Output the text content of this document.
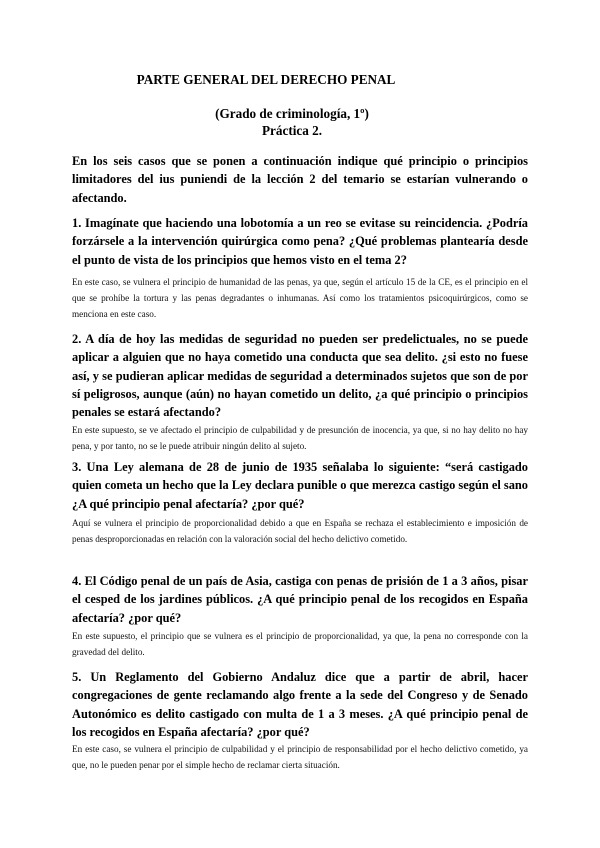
PARTE GENERAL DEL DERECHO PENAL

(Grado de criminología, 1º)

Práctica 2.

En los seis casos que se ponen a continuación indique qué principio o principios limitadores del ius puniendi de la lección 2 del temario se estarían vulnerando o afectando.

1. Imagínate que haciendo una lobotomía a un reo se evitase su reincidencia. ¿Podría forzársele a la intervención quirúrgica como pena? ¿Qué problemas plantearía desde el punto de vista de los principios que hemos visto en el tema 2?

En este caso, se vulnera el principio de humanidad de las penas, ya que, según el artículo 15 de la CE, es el principio en el que se prohíbe la tortura y las penas degradantes o inhumanas. Así como los tratamientos psicoquirúrgicos, como se menciona en este caso.

2. A día de hoy las medidas de seguridad no pueden ser predelictuales, no se puede aplicar a alguien que no haya cometido una conducta que sea delito. ¿si esto no fuese así, y se pudieran aplicar medidas de seguridad a determinados sujetos que son de por sí peligrosos, aunque (aún) no hayan cometido un delito, ¿a qué principio o principios penales se estará afectando?

En este supuesto, se ve afectado el principio de culpabilidad y de presunción de inocencia, ya que, si no hay delito no hay pena, y por tanto, no se le puede atribuir ningún delito al sujeto.

3. Una Ley alemana de 28 de junio de 1935 señalaba lo siguiente: “será castigado quien cometa un hecho que la Ley declara punible o que merezca castigo según el sano ¿A qué principio penal afectaría? ¿por qué?

Aquí se vulnera el principio de proporcionalidad debido a que en España se rechaza el establecimiento e imposición de penas desproporcionadas en relación con la valoración social del hecho delictivo cometido.

4. El Código penal de un país de Asia, castiga con penas de prisión de 1 a 3 años, pisar el cesped de los jardines públicos. ¿A qué principio penal de los recogidos en España afectaría? ¿por qué?

En este supuesto, el principio que se vulnera es el principio de proporcionalidad, ya que, la pena no corresponde con la gravedad del delito.

5. Un Reglamento del Gobierno Andaluz dice que a partir de abril, hacer congregaciones de gente reclamando algo frente a la sede del Congreso y de Senado Autonómico es delito castigado con multa de 1 a 3 meses. ¿A qué principio penal de los recogidos en España afectaría? ¿por qué?

En este caso, se vulnera el principio de culpabilidad y el principio de responsabilidad por el hecho delictivo cometido, ya que, no le pueden penar por el simple hecho de reclamar cierta situación.
